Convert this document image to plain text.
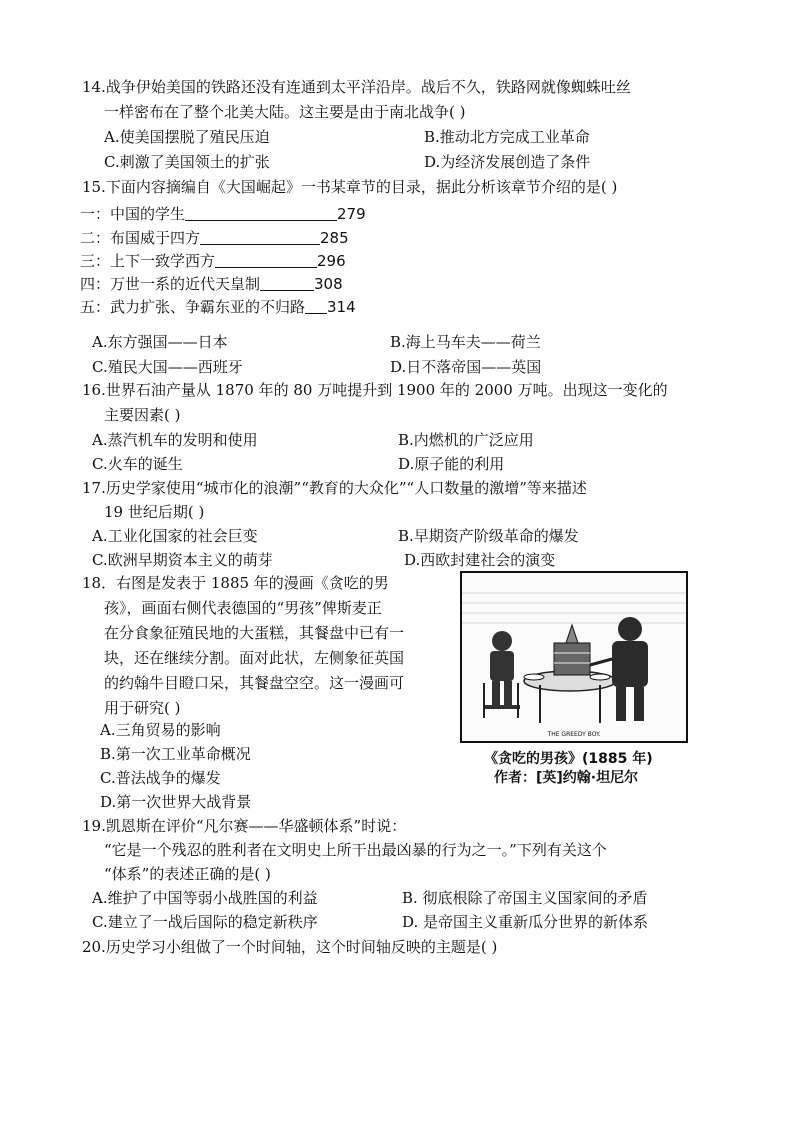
14.战争伊始美国的铁路还没有连通到太平洋沿岸。战后不久，铁路网就像蜘蛛吐丝
一样密布在了整个北美大陆。这主要是由于南北战争( )
A.使美国摆脱了殖民压迫	B.推动北方完成工业革命
C.刺激了美国领土的扩张	D.为经济发展创造了条件
15.下面内容摘编自《大国崛起》一书某章节的目录，据此分析该章节介绍的是( )
一：中国的学生	279
二：布国威于四方	285
三：上下一致学西方	296
四：万世一系的近代天皇制	308
五：武力扩张、争霸东亚的不归路 314
A.东方强国——日本	B.海上马车夫——荷兰
C.殖民大国——西班牙	D.日不落帝国——英国
16.世界石油产量从 1870 年的 80 万吨提升到 1900 年的 2000 万吨。出现这一变化的
主要因素( )
A.蒸汽机车的发明和使用	B.内燃机的广泛应用
C.火车的诞生	D.原子能的利用
17.历史学家使用“城市化的浪潮”“教育的大众化”“人口数量的激增”等来描述
19 世纪后期( )
A.工业化国家的社会巨变	B.早期资产阶级革命的爆发
C.欧洲早期资本主义的萌芽	D.西欧封建社会的演变
18．右图是发表于 1885 年的漫画《贪吃的男
孩》，画面右侧代表德国的“男孩”俾斯麦正
在分食象征殖民地的大蛋糕，其餐盘中已有一
块，还在继续分割。面对此状，左侧象征英国
的约翰牛目瞪口呆，其餐盘空空。这一漫画可
用于研究( )
A.三角贸易的影响
B.第一次工业革命概况
C.普法战争的爆发
D.第一次世界大战背景
THE GREEDY BOY.
《贪吃的男孩》(1885 年)
作者：[英]约翰·坦尼尔
19.凯恩斯在评价“凡尔赛——华盛顿体系”时说：
“它是一个残忍的胜利者在文明史上所干出最凶暴的行为之一。”下列有关这个
“体系”的表述正确的是( )
A.维护了中国等弱小战胜国的利益	B. 彻底根除了帝国主义国家间的矛盾
C.建立了一战后国际的稳定新秩序	D. 是帝国主义重新瓜分世界的新体系
20.历史学习小组做了一个时间轴，这个时间轴反映的主题是( )
